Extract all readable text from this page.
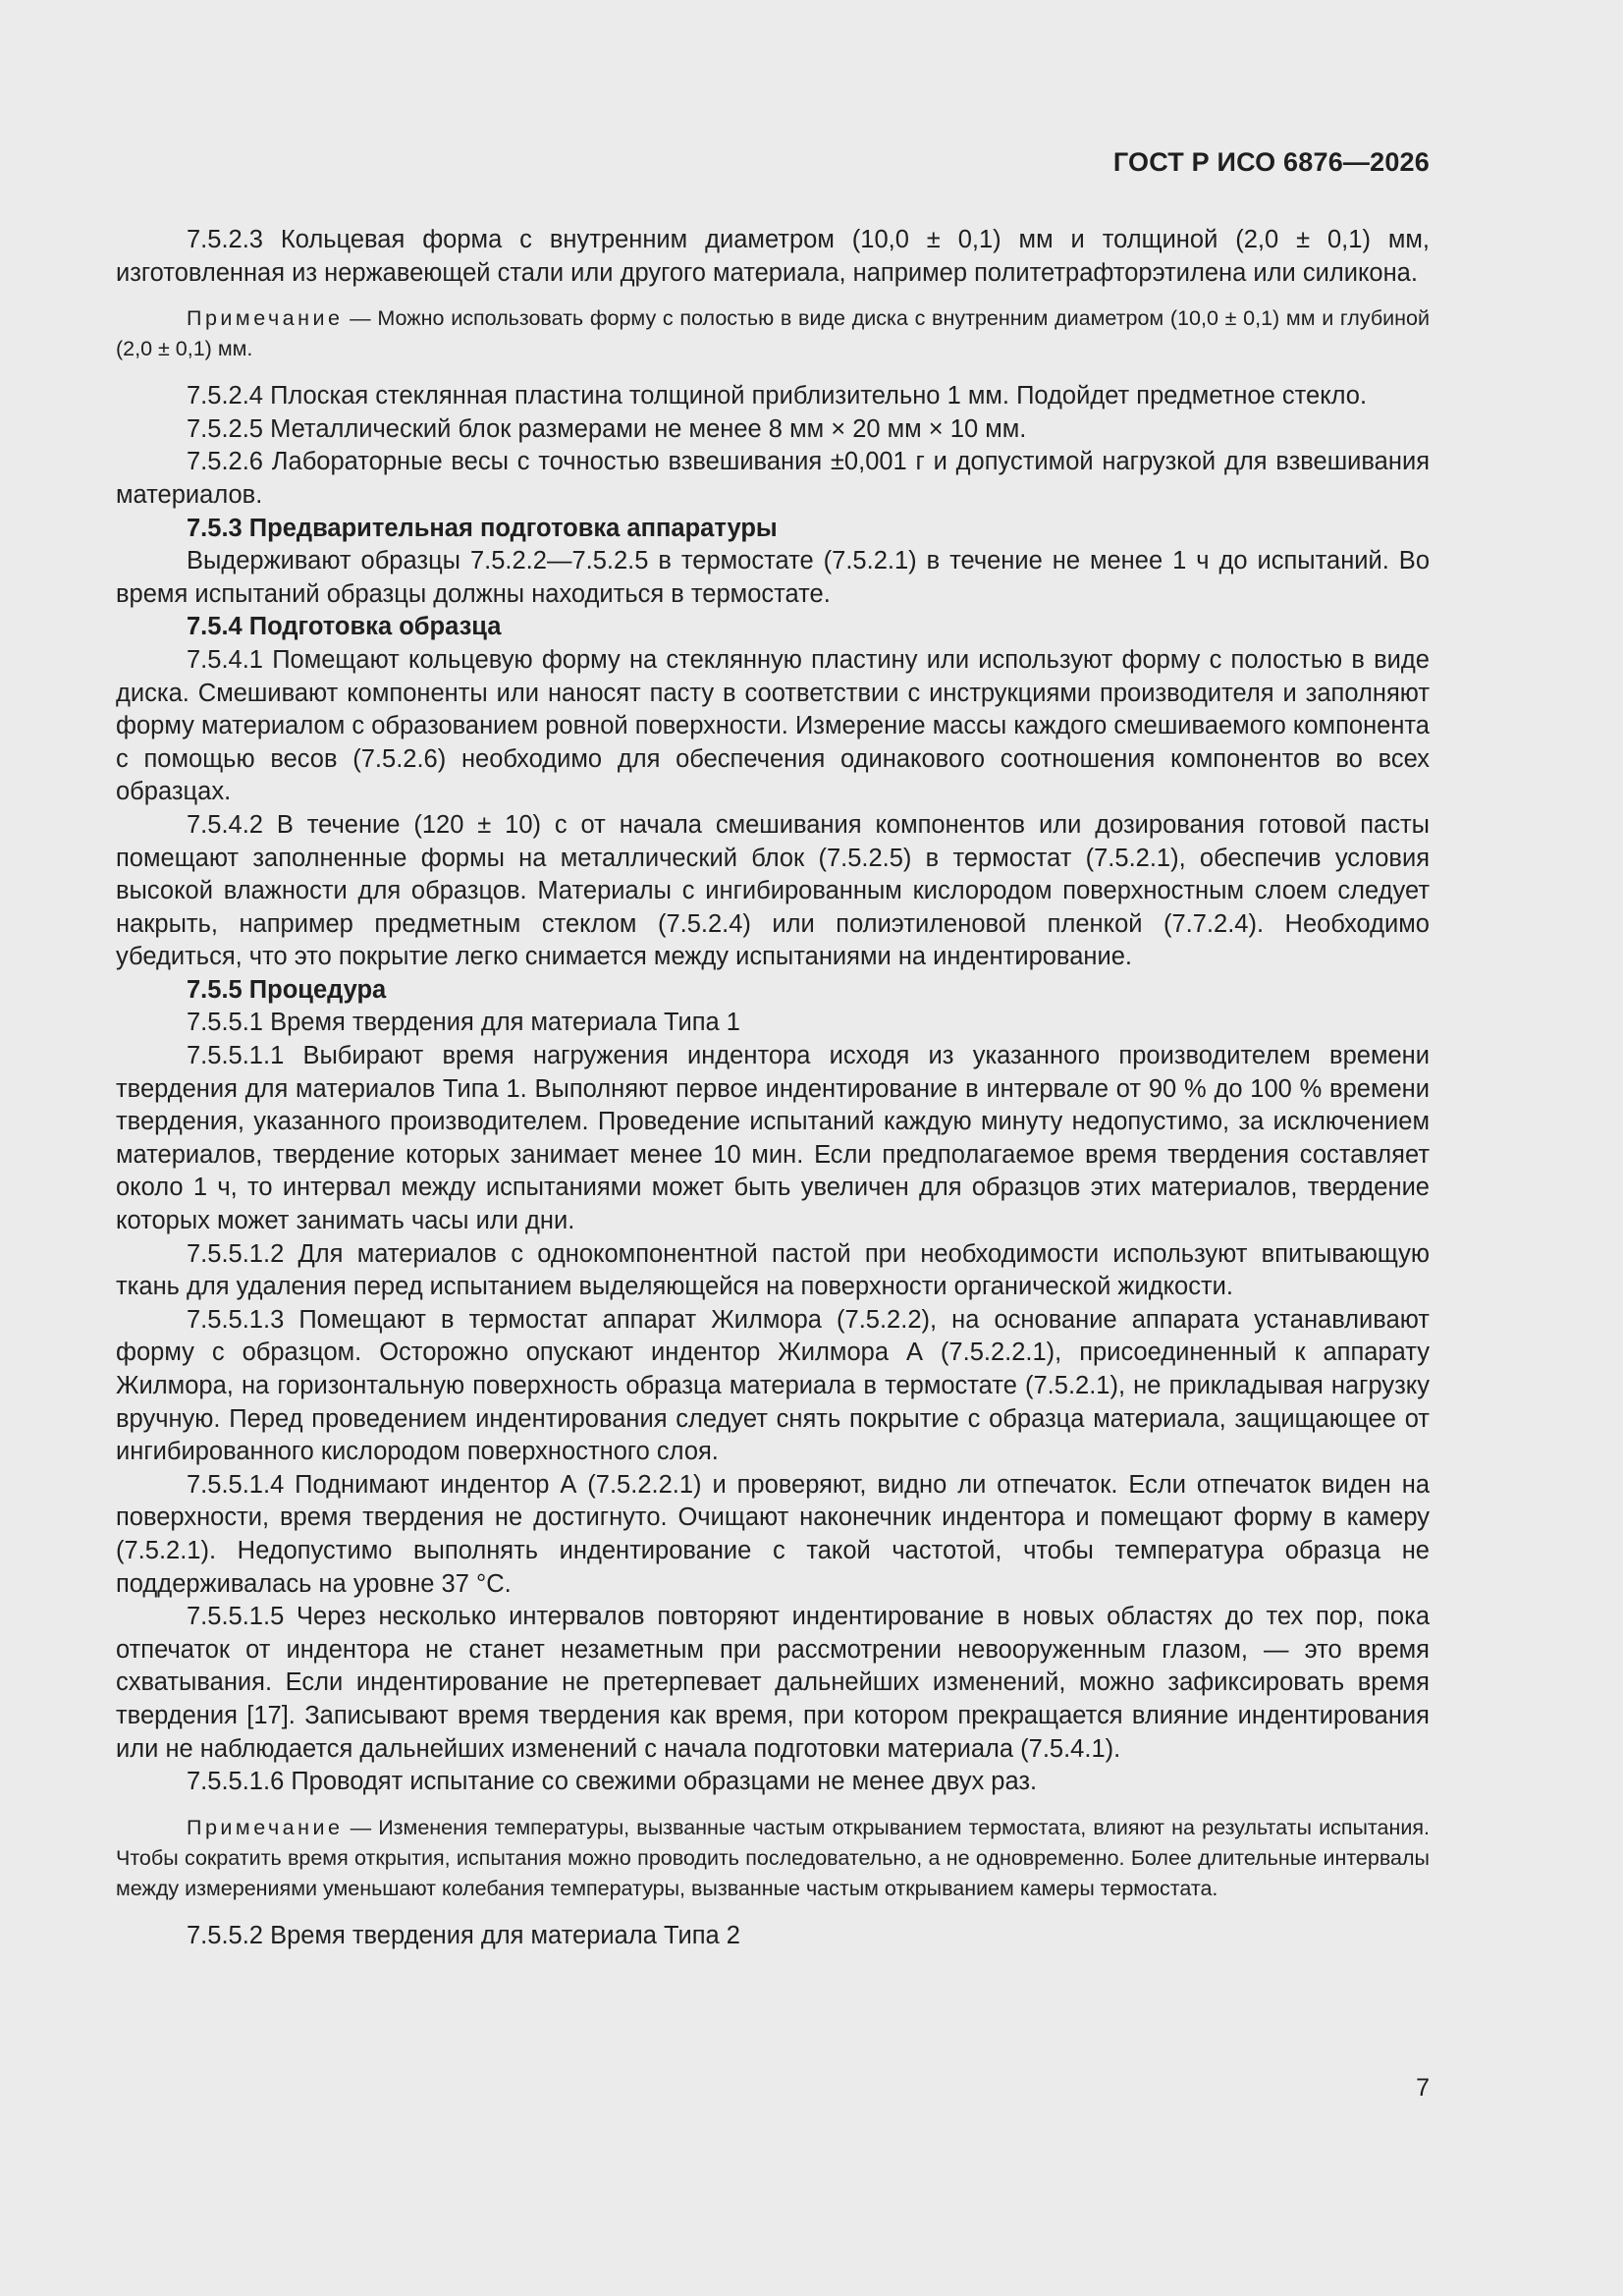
ГОСТ Р ИСО 6876—2026

7.5.2.3 Кольцевая форма с внутренним диаметром (10,0 ± 0,1) мм и толщиной (2,0 ± 0,1) мм, изготовленная из нержавеющей стали или другого материала, например политетрафторэтилена или силикона.

Примечание — Можно использовать форму с полостью в виде диска с внутренним диаметром (10,0 ± 0,1) мм и глубиной (2,0 ± 0,1) мм.

7.5.2.4 Плоская стеклянная пластина толщиной приблизительно 1 мм. Подойдет предметное стекло.

7.5.2.5 Металлический блок размерами не менее 8 мм × 20 мм × 10 мм.

7.5.2.6 Лабораторные весы с точностью взвешивания ±0,001 г и допустимой нагрузкой для взвешивания материалов.

7.5.3 Предварительная подготовка аппаратуры

Выдерживают образцы 7.5.2.2—7.5.2.5 в термостате (7.5.2.1) в течение не менее 1 ч до испытаний. Во время испытаний образцы должны находиться в термостате.

7.5.4 Подготовка образца

7.5.4.1 Помещают кольцевую форму на стеклянную пластину или используют форму с полостью в виде диска. Смешивают компоненты или наносят пасту в соответствии с инструкциями производителя и заполняют форму материалом с образованием ровной поверхности. Измерение массы каждого смешиваемого компонента с помощью весов (7.5.2.6) необходимо для обеспечения одинакового соотношения компонентов во всех образцах.

7.5.4.2 В течение (120 ± 10) с от начала смешивания компонентов или дозирования готовой пасты помещают заполненные формы на металлический блок (7.5.2.5) в термостат (7.5.2.1), обеспечив условия высокой влажности для образцов. Материалы с ингибированным кислородом поверхностным слоем следует накрыть, например предметным стеклом (7.5.2.4) или полиэтиленовой пленкой (7.7.2.4). Необходимо убедиться, что это покрытие легко снимается между испытаниями на индентирование.

7.5.5 Процедура

7.5.5.1 Время твердения для материала Типа 1

7.5.5.1.1 Выбирают время нагружения индентора исходя из указанного производителем времени твердения для материалов Типа 1. Выполняют первое индентирование в интервале от 90 % до 100 % времени твердения, указанного производителем. Проведение испытаний каждую минуту недопустимо, за исключением материалов, твердение которых занимает менее 10 мин. Если предполагаемое время твердения составляет около 1 ч, то интервал между испытаниями может быть увеличен для образцов этих материалов, твердение которых может занимать часы или дни.

7.5.5.1.2 Для материалов с однокомпонентной пастой при необходимости используют впитывающую ткань для удаления перед испытанием выделяющейся на поверхности органической жидкости.

7.5.5.1.3 Помещают в термостат аппарат Жилмора (7.5.2.2), на основание аппарата устанавливают форму с образцом. Осторожно опускают индентор Жилмора А (7.5.2.2.1), присоединенный к аппарату Жилмора, на горизонтальную поверхность образца материала в термостате (7.5.2.1), не прикладывая нагрузку вручную. Перед проведением индентирования следует снять покрытие с образца материала, защищающее от ингибированного кислородом поверхностного слоя.

7.5.5.1.4 Поднимают индентор А (7.5.2.2.1) и проверяют, видно ли отпечаток. Если отпечаток виден на поверхности, время твердения не достигнуто. Очищают наконечник индентора и помещают форму в камеру (7.5.2.1). Недопустимо выполнять индентирование с такой частотой, чтобы температура образца не поддерживалась на уровне 37 °С.

7.5.5.1.5 Через несколько интервалов повторяют индентирование в новых областях до тех пор, пока отпечаток от индентора не станет незаметным при рассмотрении невооруженным глазом, — это время схватывания. Если индентирование не претерпевает дальнейших изменений, можно зафиксировать время твердения [17]. Записывают время твердения как время, при котором прекращается влияние индентирования или не наблюдается дальнейших изменений с начала подготовки материала (7.5.4.1).

7.5.5.1.6 Проводят испытание со свежими образцами не менее двух раз.

Примечание — Изменения температуры, вызванные частым открыванием термостата, влияют на результаты испытания. Чтобы сократить время открытия, испытания можно проводить последовательно, а не одновременно. Более длительные интервалы между измерениями уменьшают колебания температуры, вызванные частым открыванием камеры термостата.

7.5.5.2 Время твердения для материала Типа 2

7
